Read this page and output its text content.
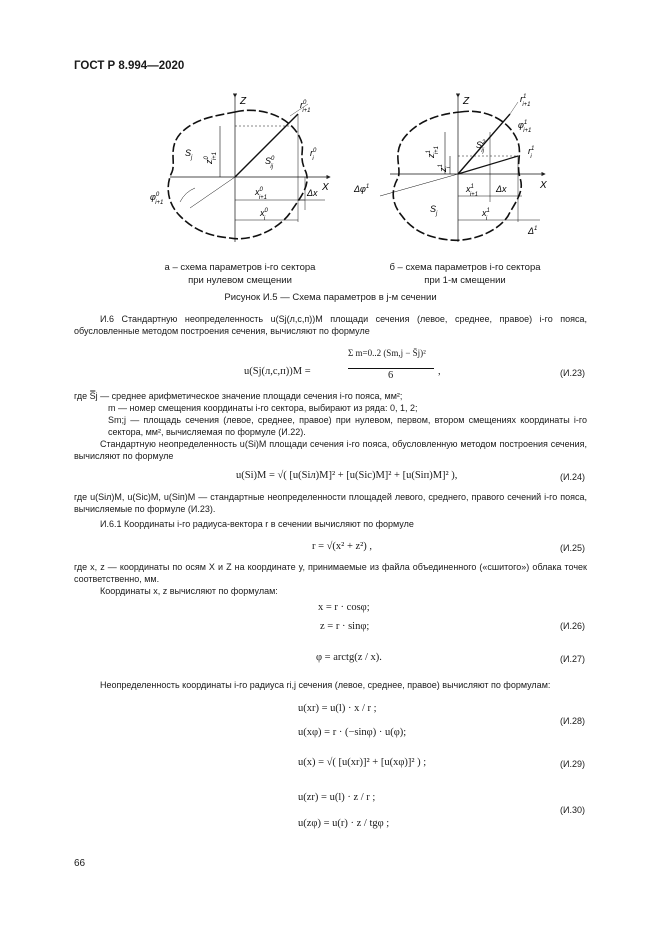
ГОСТ Р 8.994—2020
Z
X
$r^0$ i+1
$S_j$
$z^0$ i+1	$S^0$ ij
$r^0$ i
$\varphi^0$ i+1
$x^0$ i+1	Δx
$x^0$ i
Z
X
$r^1$ i+1
$\varphi^1$ i+1
$S^2$ ij
$z^1$ i+1
$z^1$ i
$r^1$ i
$\Delta\varphi^1$	$x^1$ i+1
Δx
$S_j$	$x^1$ i
$\Delta^1$
а – схема параметров i-го сектора
при нулевом смещении
б – схема параметров i-го сектора
при 1-м смещении
Рисунок И.5 — Схема параметров в j-м сечении
И.6 Стандартную неопределенность u(Sj(л,с,п))M площади сечения (левое, среднее, правое) i-го пояса, обусловленные методом построения сечения, вычисляют по формуле
u(Sj(л,с,п))M =
Σ m=0..2 (Sm,j − S̄j)²
6	,	(И.23)
где S̿j — среднее арифметическое значение площади сечения i-го пояса, мм²;
m — номер смещения координаты i-го сектора, выбирают из ряда: 0, 1, 2;
Sm;j — площадь сечения (левое, среднее, правое) при нулевом, первом, втором смещениях координаты i-го сектора, мм², вычисляемая по формуле (И.22).
Стандартную неопределенность u(Si)M площади сечения i-го пояса, обусловленную методом построения сечения, вычисляют по формуле
u(Si)M = √( [u(Siл)M]² + [u(Siс)M]² + [u(Siп)M]² ),	(И.24)
где u(Siл)M, u(Siс)M, u(Siп)M — стандартные неопределенности площадей левого, среднего, правого сечений i-го пояса, вычисляемые по формуле (И.23).
И.6.1 Координаты i-го радиуса-вектора r в сечении вычисляют по формуле
r = √(x² + z²) ,	(И.25)
где x, z — координаты по осям X и Z на координате y, принимаемые из файла объединенного («сшитого») облака точек соответственно, мм.
Координаты x, z вычисляют по формулам:
x = r · cosφ;
z = r · sinφ;	(И.26)
φ = arctg(z / x).	(И.27)
Неопределенность координаты i-го радиуса ri,j сечения (левое, среднее, правое) вычисляют по формулам:
u(xr) = u(l) · x / r ;
u(xφ) = r · (−sinφ) · u(φ);
(И.28)
u(x) = √( [u(xr)]² + [u(xφ)]² ) ;	(И.29)
u(zr) = u(l) · z / r ;
u(zφ) = u(r) · z / tgφ ;
(И.30)
66
